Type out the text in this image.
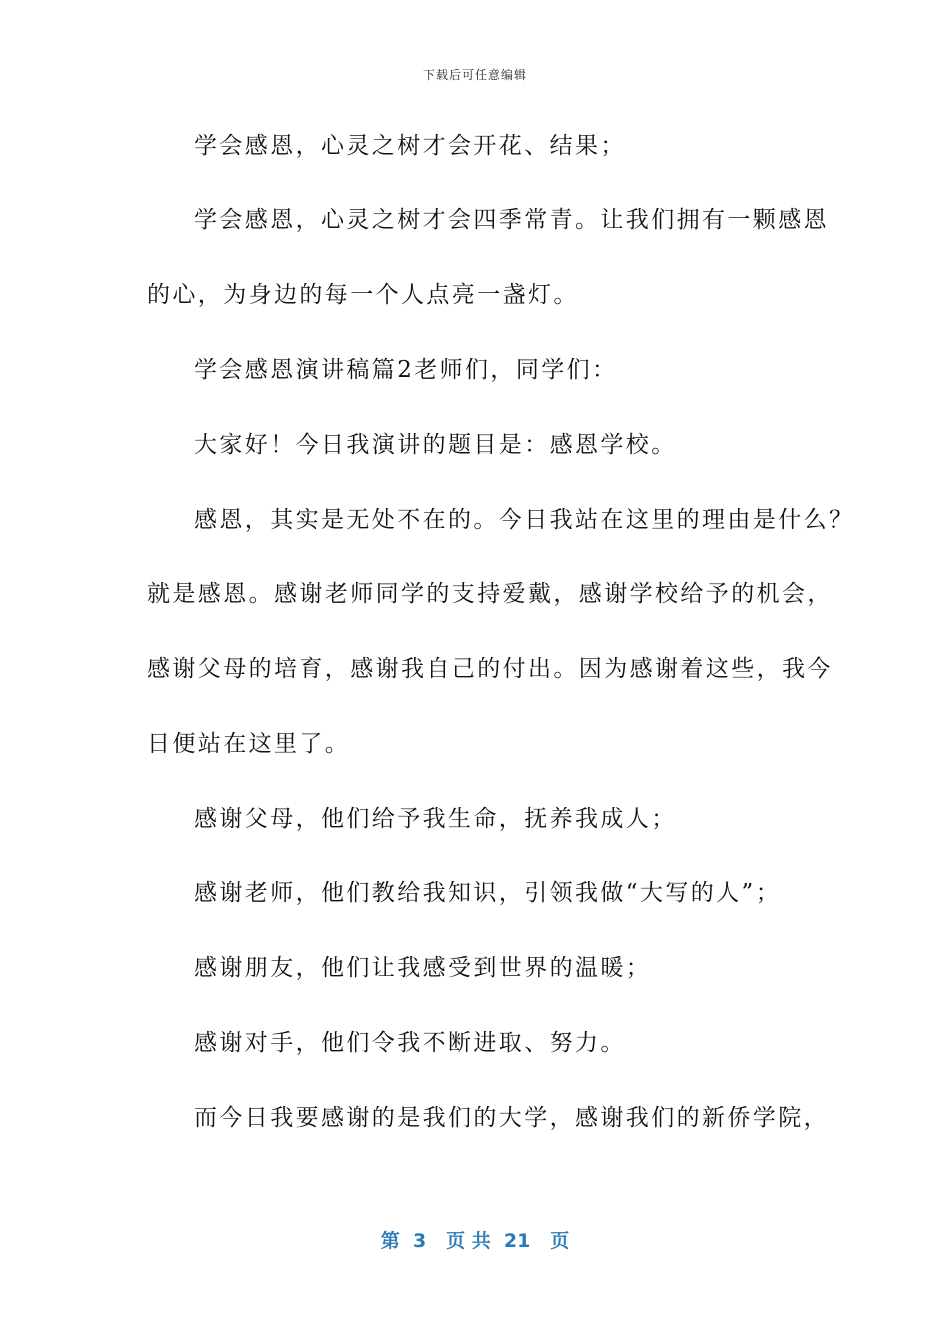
下载后可任意编辑
学会感恩，心灵之树才会开花、结果；
学会感恩，心灵之树才会四季常青。让我们拥有一颗感恩
的心，为身边的每一个人点亮一盏灯。
学会感恩演讲稿篇2老师们，同学们：
大家好！今日我演讲的题目是：感恩学校。
感恩，其实是无处不在的。今日我站在这里的理由是什么？
就是感恩。感谢老师同学的支持爱戴，感谢学校给予的机会，
感谢父母的培育，感谢我自己的付出。因为感谢着这些，我今
日便站在这里了。
感谢父母，他们给予我生命，抚养我成人；
感谢老师，他们教给我知识，引领我做“大写的人”；
感谢朋友，他们让我感受到世界的温暖；
感谢对手，他们令我不断进取、努力。
而今日我要感谢的是我们的大学，感谢我们的新侨学院，
第  3   页 共  21   页
